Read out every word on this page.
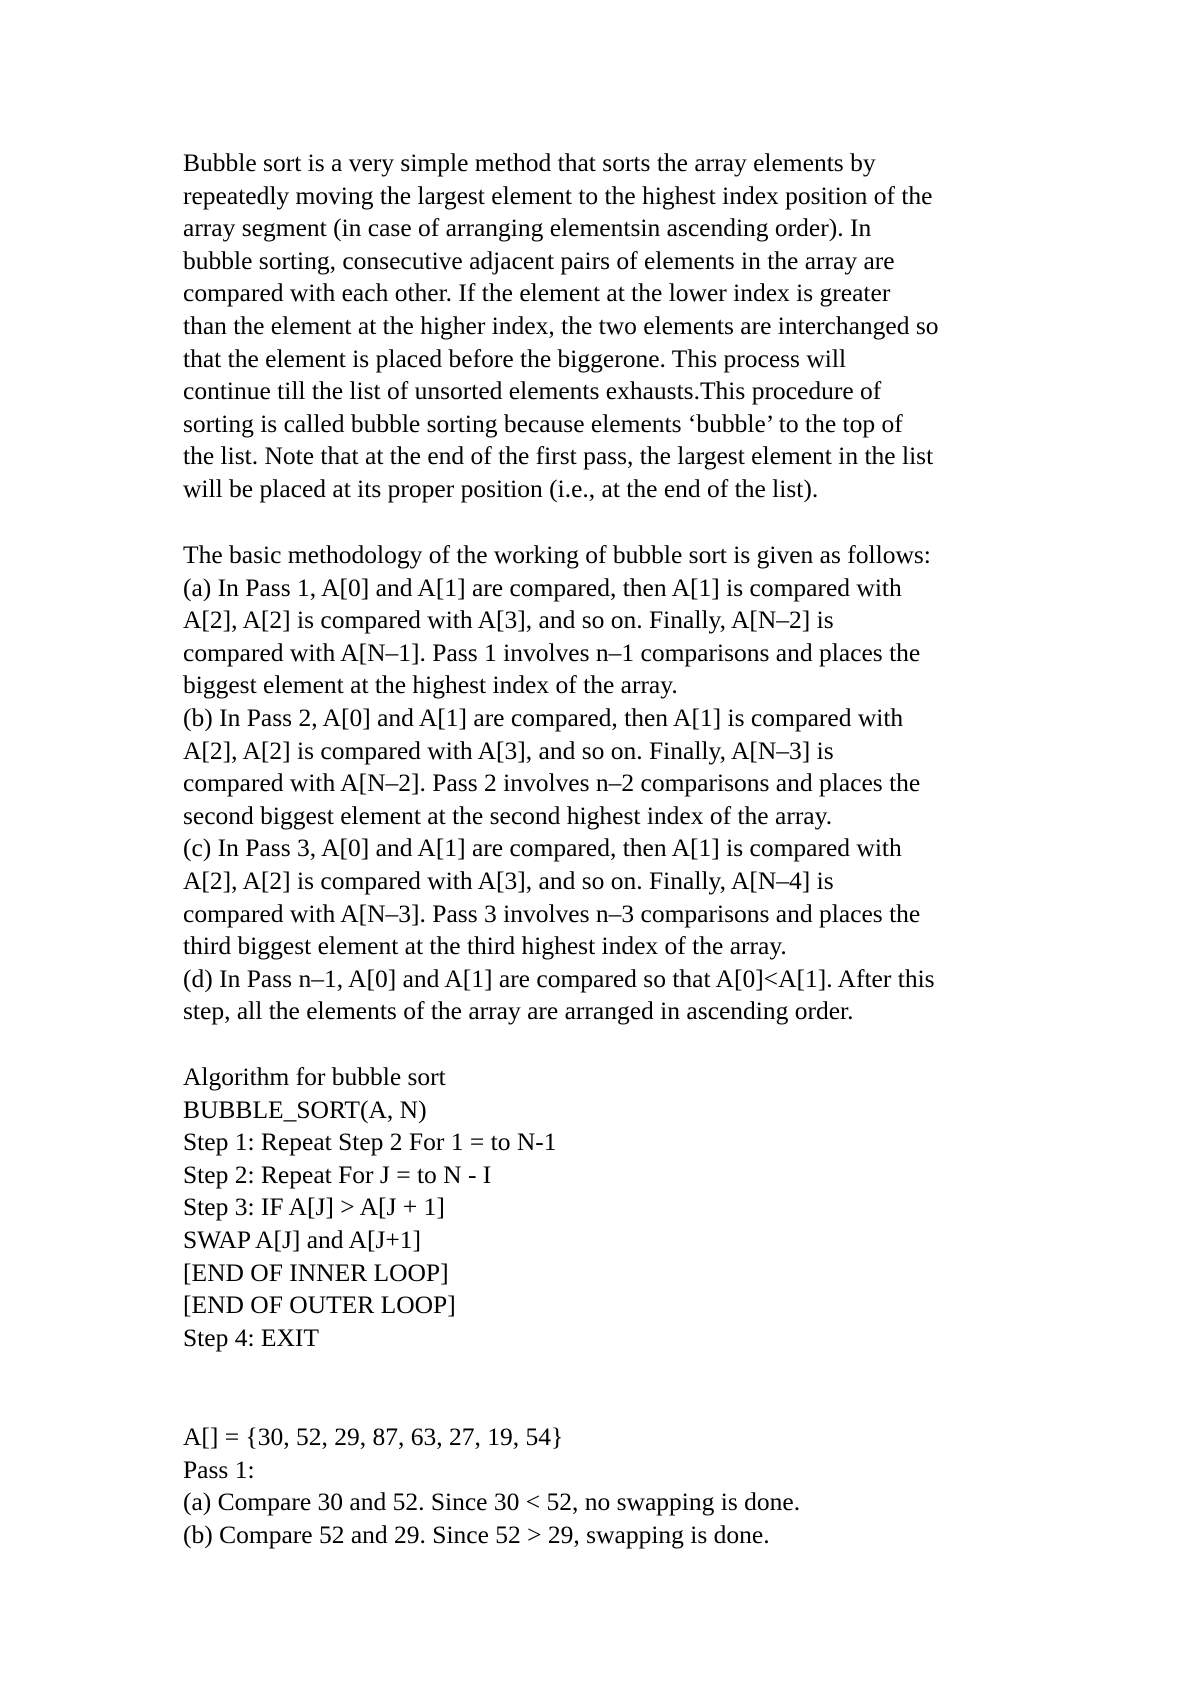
Bubble sort is a very simple method that sorts the array elements by
repeatedly moving the largest element to the highest index position of the
array segment (in case of arranging elementsin ascending order). In
bubble sorting, consecutive adjacent pairs of elements in the array are
compared with each other. If the element at the lower index is greater
than the element at the higher index, the two elements are interchanged so
that the element is placed before the biggerone. This process will
continue till the list of unsorted elements exhausts.This procedure of
sorting is called bubble sorting because elements ‘bubble’ to the top of
the list. Note that at the end of the first pass, the largest element in the list
will be placed at its proper position (i.e., at the end of the list).
The basic methodology of the working of bubble sort is given as follows:
(a) In Pass 1, A[0] and A[1] are compared, then A[1] is compared with
A[2], A[2] is compared with A[3], and so on. Finally, A[N–2] is
compared with A[N–1]. Pass 1 involves n–1 comparisons and places the
biggest element at the highest index of the array.
(b) In Pass 2, A[0] and A[1] are compared, then A[1] is compared with
A[2], A[2] is compared with A[3], and so on. Finally, A[N–3] is
compared with A[N–2]. Pass 2 involves n–2 comparisons and places the
second biggest element at the second highest index of the array.
(c) In Pass 3, A[0] and A[1] are compared, then A[1] is compared with
A[2], A[2] is compared with A[3], and so on. Finally, A[N–4] is
compared with A[N–3]. Pass 3 involves n–3 comparisons and places the
third biggest element at the third highest index of the array.
(d) In Pass n–1, A[0] and A[1] are compared so that A[0]<A[1]. After this
step, all the elements of the array are arranged in ascending order.
Algorithm for bubble sort
BUBBLE_SORT(A, N)
Step 1: Repeat Step 2 For 1 = to N-1
Step 2: Repeat For J = to N - I
Step 3: IF A[J] > A[J + 1]
SWAP A[J] and A[J+1]
[END OF INNER LOOP]
[END OF OUTER LOOP]
Step 4: EXIT
A[] = {30, 52, 29, 87, 63, 27, 19, 54}
Pass 1:
(a) Compare 30 and 52. Since 30 < 52, no swapping is done.
(b) Compare 52 and 29. Since 52 > 29, swapping is done.
